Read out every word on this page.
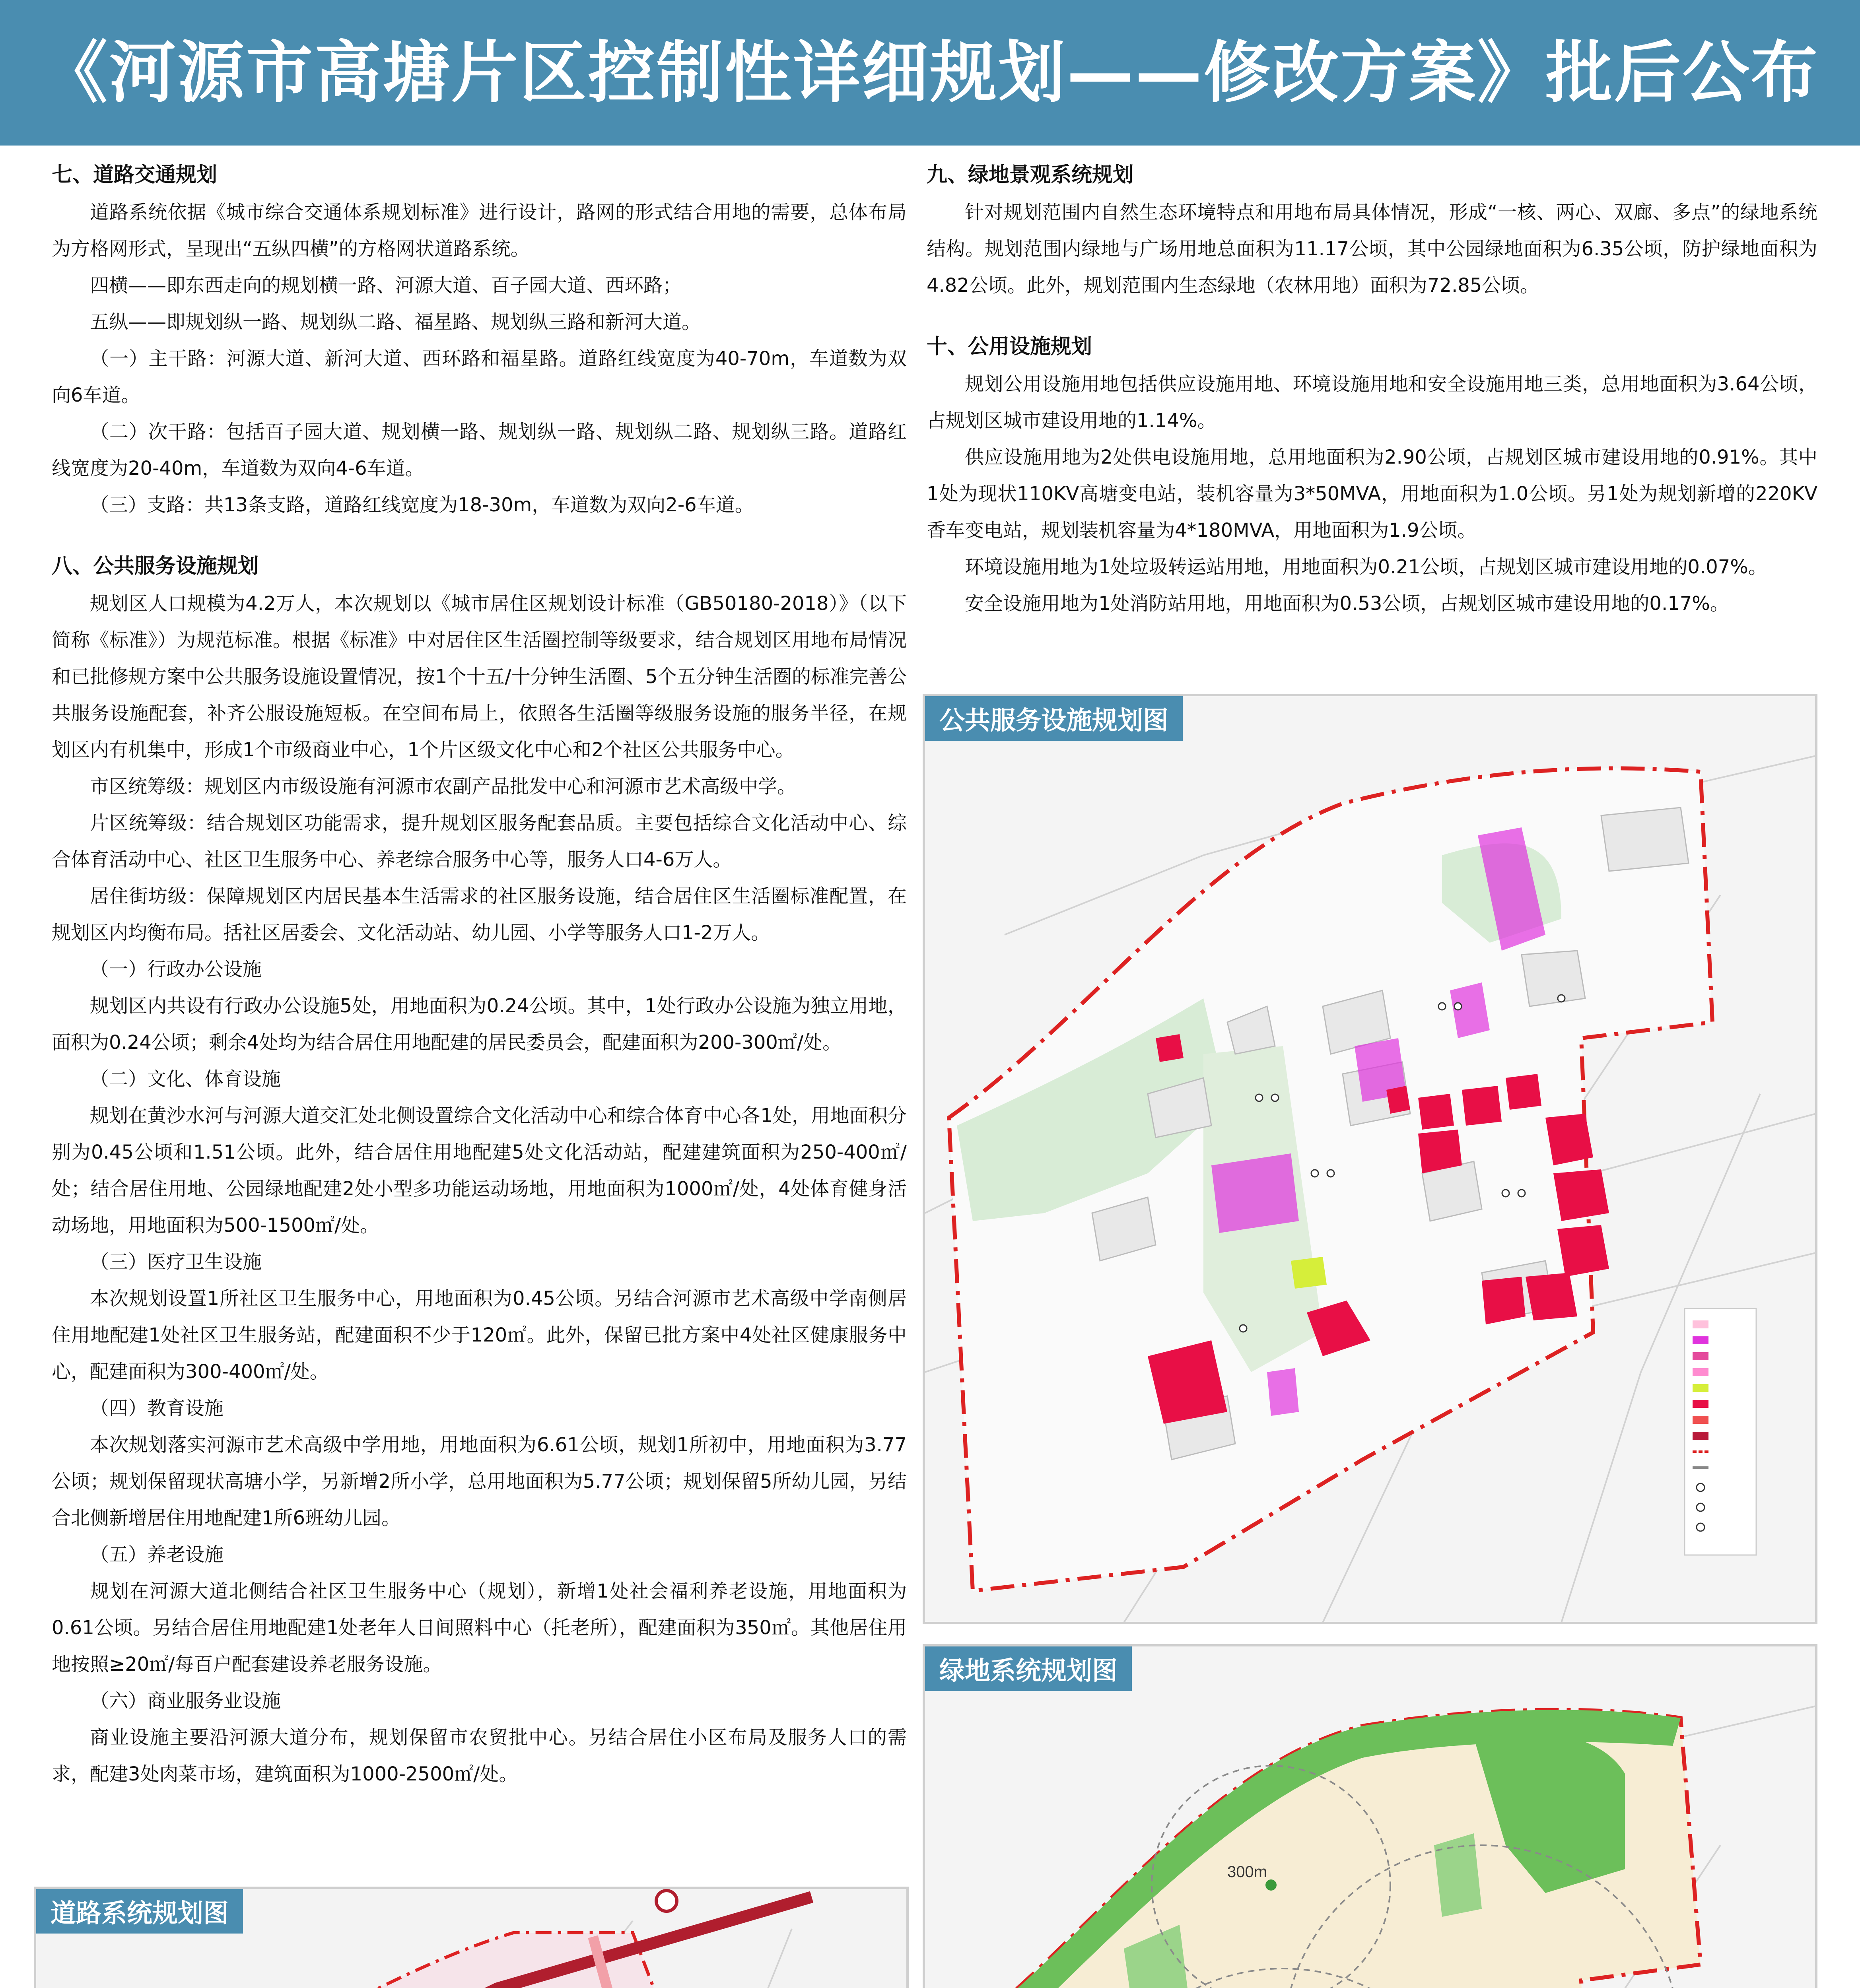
《河源市高塘片区控制性详细规划——修改方案》批后公布
七、道路交通规划

道路系统依据《城市综合交通体系规划标准》进行设计，路网的形式结合用地的需要，总体布局为方格网形式，呈现出“五纵四横”的方格网状道路系统。

四横——即东西走向的规划横一路、河源大道、百子园大道、西环路；

五纵——即规划纵一路、规划纵二路、福星路、规划纵三路和新河大道。

（一）主干路：河源大道、新河大道、西环路和福星路。道路红线宽度为40-70m，车道数为双向6车道。

（二）次干路：包括百子园大道、规划横一路、规划纵一路、规划纵二路、规划纵三路。道路红线宽度为20-40m，车道数为双向4-6车道。

（三）支路：共13条支路，道路红线宽度为18-30m，车道数为双向2-6车道。

八、公共服务设施规划

规划区人口规模为4.2万人，本次规划以《城市居住区规划设计标准（GB50180-2018）》（以下简称《标准》）为规范标准。根据《标准》中对居住区生活圈控制等级要求，结合规划区用地布局情况和已批修规方案中公共服务设施设置情况，按1个十五/十分钟生活圈、5个五分钟生活圈的标准完善公共服务设施配套，补齐公服设施短板。在空间布局上，依照各生活圈等级服务设施的服务半径，在规划区内有机集中，形成1个市级商业中心，1个片区级文化中心和2个社区公共服务中心。

市区统筹级：规划区内市级设施有河源市农副产品批发中心和河源市艺术高级中学。

片区统筹级：结合规划区功能需求，提升规划区服务配套品质。主要包括综合文化活动中心、综合体育活动中心、社区卫生服务中心、养老综合服务中心等，服务人口4-6万人。

居住街坊级：保障规划区内居民基本生活需求的社区服务设施，结合居住区生活圈标准配置，在规划区内均衡布局。括社区居委会、文化活动站、幼儿园、小学等服务人口1-2万人。

（一）行政办公设施

规划区内共设有行政办公设施5处，用地面积为0.24公顷。其中，1处行政办公设施为独立用地，面积为0.24公顷；剩余4处均为结合居住用地配建的居民委员会，配建面积为200-300㎡/处。

（二）文化、体育设施

规划在黄沙水河与河源大道交汇处北侧设置综合文化活动中心和综合体育中心各1处，用地面积分别为0.45公顷和1.51公顷。此外，结合居住用地配建5处文化活动站，配建建筑面积为250-400㎡/处；结合居住用地、公园绿地配建2处小型多功能运动场地，用地面积为1000㎡/处，4处体育健身活动场地，用地面积为500-1500㎡/处。

（三）医疗卫生设施

本次规划设置1所社区卫生服务中心，用地面积为0.45公顷。另结合河源市艺术高级中学南侧居住用地配建1处社区卫生服务站，配建面积不少于120㎡。此外，保留已批方案中4处社区健康服务中心，配建面积为300-400㎡/处。

（四）教育设施

本次规划落实河源市艺术高级中学用地，用地面积为6.61公顷，规划1所初中，用地面积为3.77公顷；规划保留现状高塘小学，另新增2所小学，总用地面积为5.77公顷；规划保留5所幼儿园，另结合北侧新增居住用地配建1所6班幼儿园。

（五）养老设施

规划在河源大道北侧结合社区卫生服务中心（规划），新增1处社会福利养老设施，用地面积为0.61公顷。另结合居住用地配建1处老年人日间照料中心（托老所），配建面积为350㎡。其他居住用地按照≥20㎡/每百户配套建设养老服务设施。

（六）商业服务业设施

商业设施主要沿河源大道分布，规划保留市农贸批中心。另结合居住小区布局及服务人口的需求，配建3处肉菜市场，建筑面积为1000-2500㎡/处。

九、绿地景观系统规划

针对规划范围内自然生态环境特点和用地布局具体情况，形成“一核、两心、双廊、多点”的绿地系统结构。规划范围内绿地与广场用地总面积为11.17公顷，其中公园绿地面积为6.35公顷，防护绿地面积为4.82公顷。此外，规划范围内生态绿地（农林用地）面积为72.85公顷。

十、公用设施规划

规划公用设施用地包括供应设施用地、环境设施用地和安全设施用地三类，总用地面积为3.64公顷，占规划区城市建设用地的1.14%。

供应设施用地为2处供电设施用地，总用地面积为2.90公顷，占规划区城市建设用地的0.91%。其中1处为现状110KV高塘变电站，装机容量为3*50MVA，用地面积为1.0公顷。另1处为规划新增的220KV香车变电站，规划装机容量为4*180MVA，用地面积为1.9公顷。

环境设施用地为1处垃圾转运站用地，用地面积为0.21公顷，占规划区城市建设用地的0.07%。

安全设施用地为1处消防站用地，用地面积为0.53公顷，占规划区城市建设用地的0.17%。

公共服务设施规划图
绿地系统规划图
300m
道路系统规划图
